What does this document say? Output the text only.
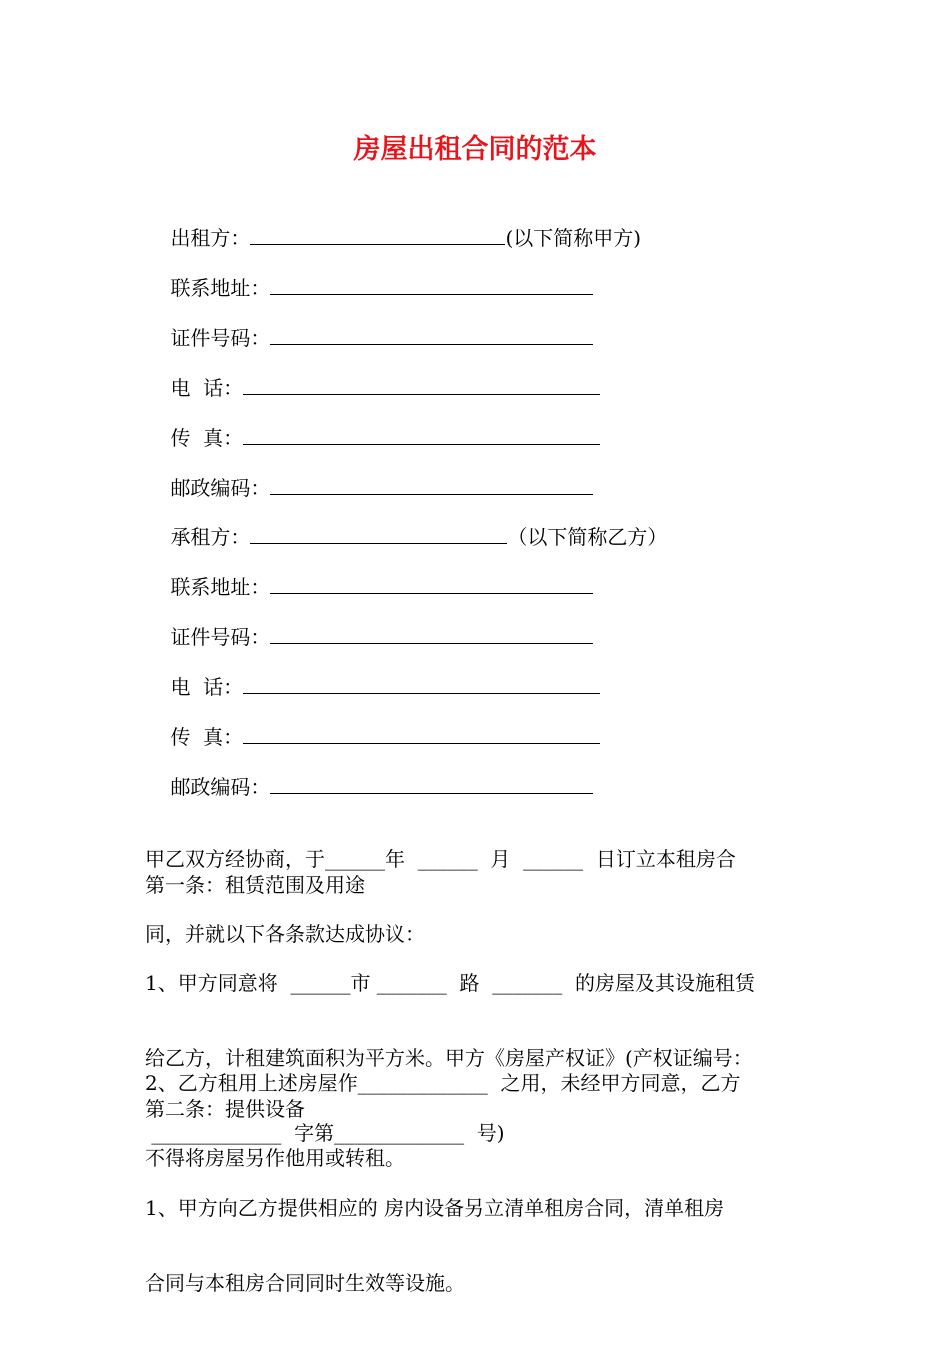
房屋出租合同的范本

出租方：	(以下简称甲方)

联系地址：

证件号码：

电  话：

传  真：

邮政编码：

承租方：	（以下简称乙方）

联系地址：

证件号码：

电  话：

传  真：

邮政编码：

甲乙双方经协商，于______年  ______  月  ______  日订立本租房合

同，并就以下各条款达成协议：

第一条：租赁范围及用途

1、甲方同意将  ______市 _______  路  _______  的房屋及其设施租赁

给乙方，计租建筑面积为平方米。甲方《房屋产权证》(产权证编号：

_____________  字第_____________  号)

2、乙方租用上述房屋作_____________  之用，未经甲方同意，乙方

不得将房屋另作他用或转租。

第二条：提供设备

1、甲方向乙方提供相应的 房内设备另立清单租房合同，清单租房

合同与本租房合同同时生效等设施。
